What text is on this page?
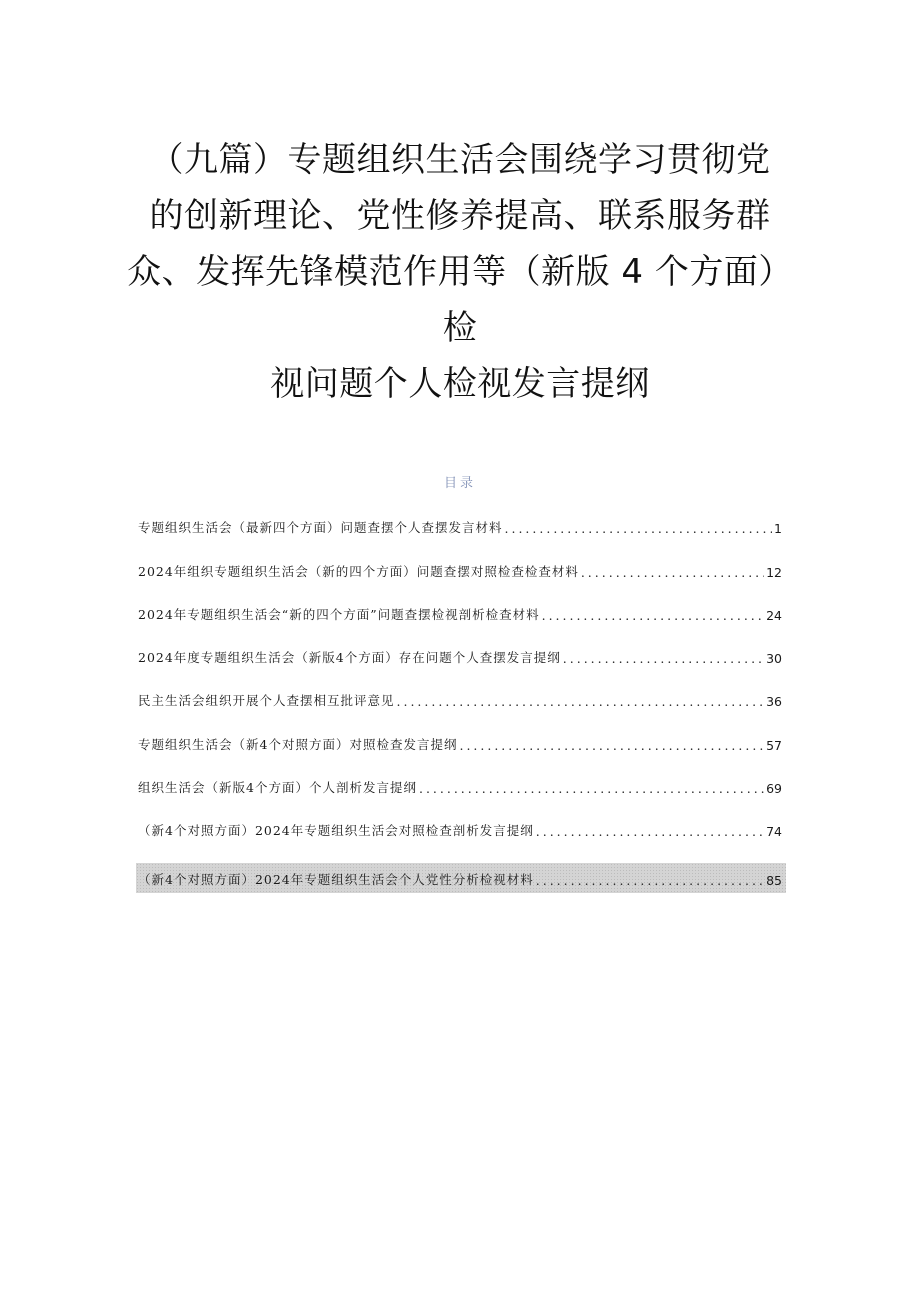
（九篇）专题组织生活会围绕学习贯彻党
的创新理论、党性修养提高、联系服务群
众、发挥先锋模范作用等（新版 4 个方面）
检
视问题个人检视发言提纲
目录
专题组织生活会（最新四个方面）问题查摆个人查摆发言材料 .....	1
2024年组织专题组织生活会（新的四个方面）问题查摆对照检查检查材料 .....	12
2024年专题组织生活会“新的四个方面”问题查摆检视剖析检查材料 .....	24
2024年度专题组织生活会（新版4个方面）存在问题个人查摆发言提纲 .....	30
民主生活会组织开展个人查摆相互批评意见 .....	36
专题组织生活会（新4个对照方面）对照检查发言提纲 .....	57
组织生活会（新版4个方面）个人剖析发言提纲 .....	69
（新4个对照方面）2024年专题组织生活会对照检查剖析发言提纲 .....	74
（新4个对照方面）2024年专题组织生活会个人党性分析检视材料 .....	85
